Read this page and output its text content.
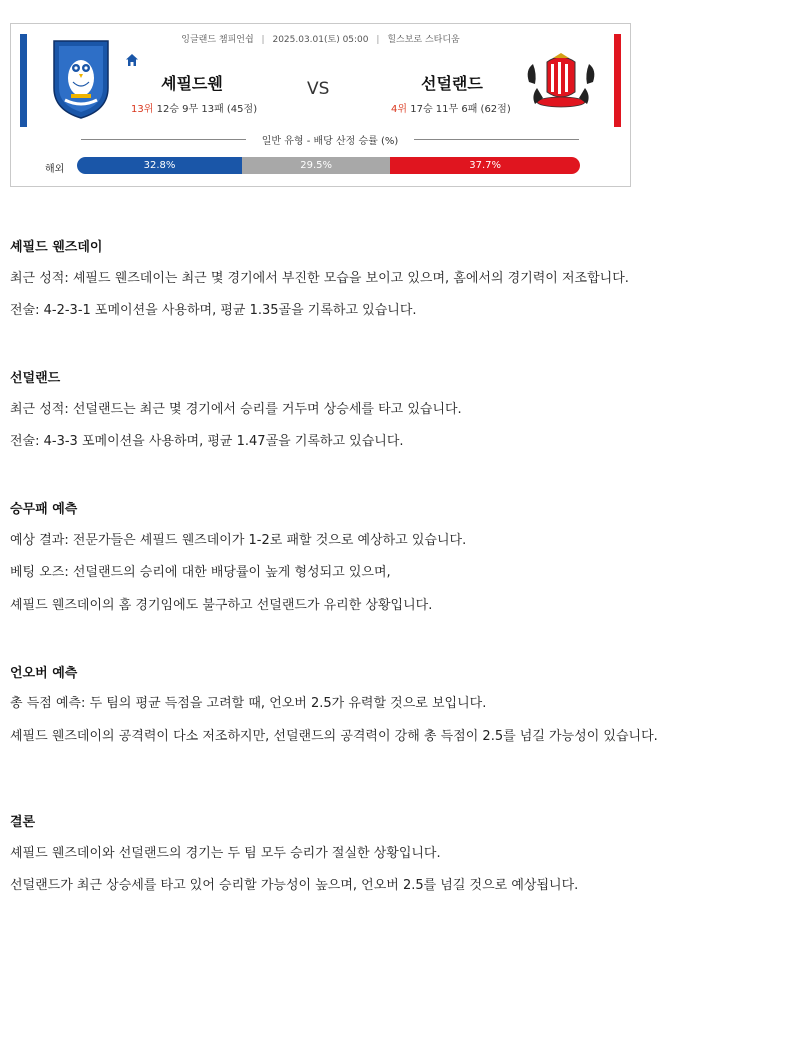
잉글랜드 챔피언쉽 | 2025.03.01(토) 05:00 | 힐스보로 스타디움
셰필드웬	VS	선덜랜드
13위 12승 9무 13패 (45점)	4위 17승 11무 6패 (62점)
일반 유형 - 배당 산정 승률 (%)
해외	32.8%	29.5%	37.7%
셰필드 웬즈데이
최근 성적: 셰필드 웬즈데이는 최근 몇 경기에서 부진한 모습을 보이고 있으며, 홈에서의 경기력이 저조합니다.
전술: 4-2-3-1 포메이션을 사용하며, 평균 1.35골을 기록하고 있습니다.
선덜랜드
최근 성적: 선덜랜드는 최근 몇 경기에서 승리를 거두며 상승세를 타고 있습니다.
전술: 4-3-3 포메이션을 사용하며, 평균 1.47골을 기록하고 있습니다.
승무패 예측
예상 결과: 전문가들은 셰필드 웬즈데이가 1-2로 패할 것으로 예상하고 있습니다.
베팅 오즈: 선덜랜드의 승리에 대한 배당률이 높게 형성되고 있으며,
셰필드 웬즈데이의 홈 경기임에도 불구하고 선덜랜드가 유리한 상황입니다.
언오버 예측
총 득점 예측: 두 팀의 평균 득점을 고려할 때, 언오버 2.5가 유력할 것으로 보입니다.
셰필드 웬즈데이의 공격력이 다소 저조하지만, 선덜랜드의 공격력이 강해 총 득점이 2.5를 넘길 가능성이 있습니다.
결론
셰필드 웬즈데이와 선덜랜드의 경기는 두 팀 모두 승리가 절실한 상황입니다.
선덜랜드가 최근 상승세를 타고 있어 승리할 가능성이 높으며, 언오버 2.5를 넘길 것으로 예상됩니다.
